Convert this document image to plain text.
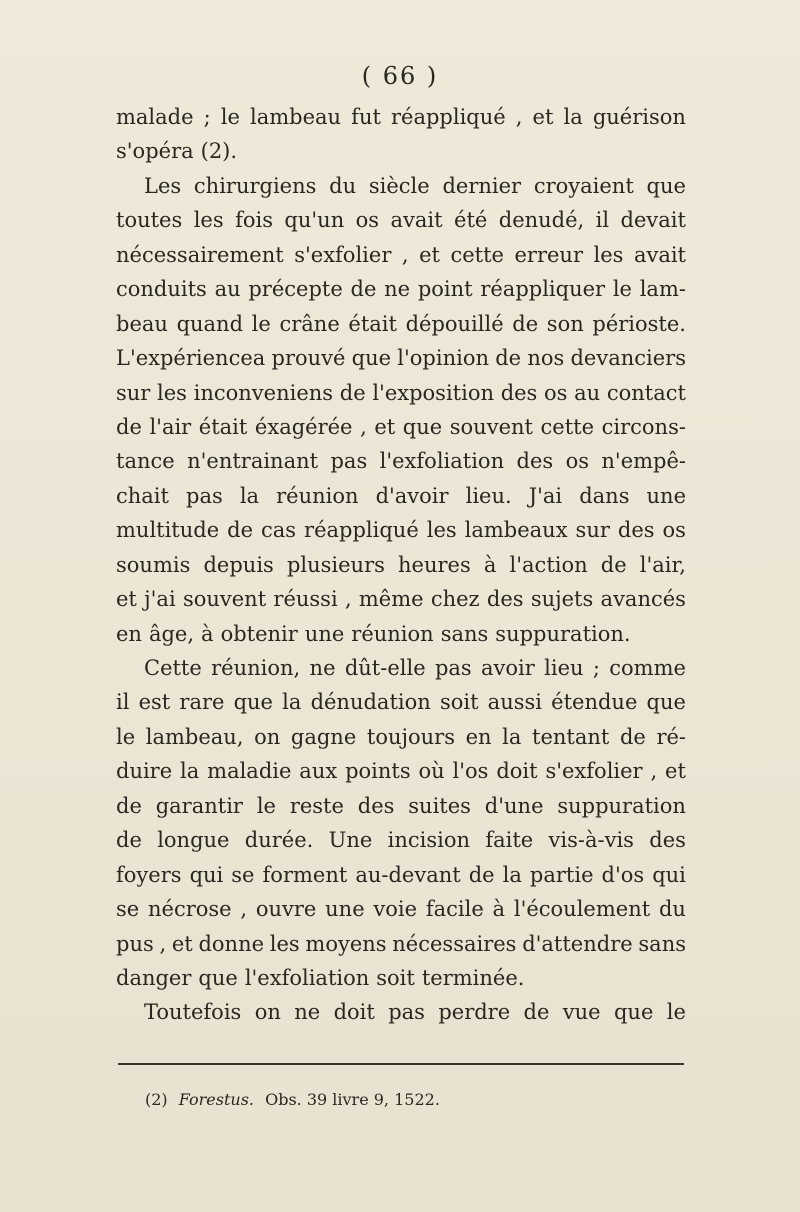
( 66 )
malade ; le lambeau fut réappliqué , et la guérison
s'opéra (2).
Les chirurgiens du siècle dernier croyaient que
toutes les fois qu'un os avait été denudé, il devait
nécessairement s'exfolier , et cette erreur les avait
conduits au précepte de ne point réappliquer le lam-
beau quand le crâne était dépouillé de son périoste.
L'expériencea prouvé que l'opinion de nos devanciers
sur les inconveniens de l'exposition des os au contact
de l'air était éxagérée , et que souvent cette circons-
tance n'entrainant pas l'exfoliation des os n'empê-
chait pas la réunion d'avoir lieu. J'ai dans une
multitude de cas réappliqué les lambeaux sur des os
soumis depuis plusieurs heures à l'action de l'air,
et j'ai souvent réussi , même chez des sujets avancés
en âge, à obtenir une réunion sans suppuration.
Cette réunion, ne dût-elle pas avoir lieu ; comme
il est rare que la dénudation soit aussi étendue que
le lambeau, on gagne toujours en la tentant de ré-
duire la maladie aux points où l'os doit s'exfolier , et
de garantir le reste des suites d'une suppuration
de longue durée. Une incision faite vis-à-vis des
foyers qui se forment au-devant de la partie d'os qui
se nécrose , ouvre une voie facile à l'écoulement du
pus , et donne les moyens nécessaires d'attendre sans
danger que l'exfoliation soit terminée.
Toutefois on ne doit pas perdre de vue que le
(2) Forestus. Obs. 39 livre 9, 1522.
